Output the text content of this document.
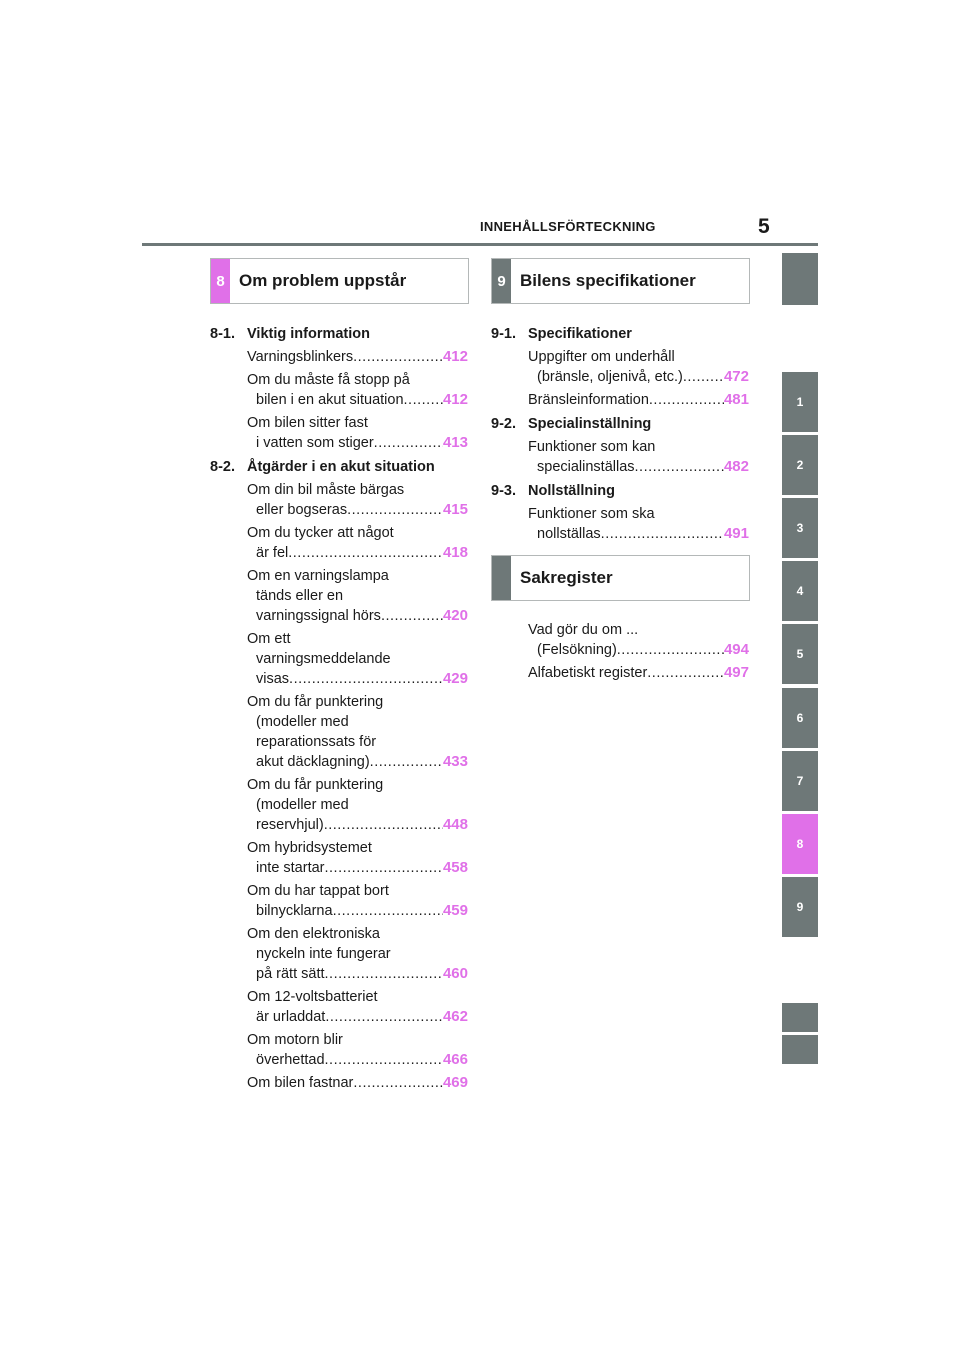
INNEHÅLLSFÖRTECKNING	5
8 Om problem uppstår
8-1. Viktig information
Varningsblinkers .....	412
Om du måste få stopp på
bilen i en akut situation .....	412
Om bilen sitter fast
i vatten som stiger .....	413
8-2. Åtgärder i en akut situation
Om din bil måste bärgas
eller bogseras .....	415
Om du tycker att något
är fel .....	418
Om en varningslampa
tänds eller en
varningssignal hörs .....	420
Om ett
varningsmeddelande
visas .....	429
Om du får punktering
(modeller med
reparationssats för
akut däcklagning) .....	433
Om du får punktering
(modeller med
reservhjul) .....	448
Om hybridsystemet
inte startar .....	458
Om du har tappat bort
bilnycklarna .....	459
Om den elektroniska
nyckeln inte fungerar
på rätt sätt .....	460
Om 12-voltsbatteriet
är urladdat .....	462
Om motorn blir
överhettad .....	466
Om bilen fastnar .....	469
9 Bilens specifikationer
9-1. Specifikationer
Uppgifter om underhåll
(bränsle, oljenivå, etc.) .....	472
Bränsleinformation .....	481
9-2. Specialinställning
Funktioner som kan
specialinställas .....	482
9-3. Nollställning
Funktioner som ska
nollställas .....	491
Sakregister
Vad gör du om ...
(Felsökning) .....	494
Alfabetiskt register .....	497
1
2
3
4
5
6
7
8
9
